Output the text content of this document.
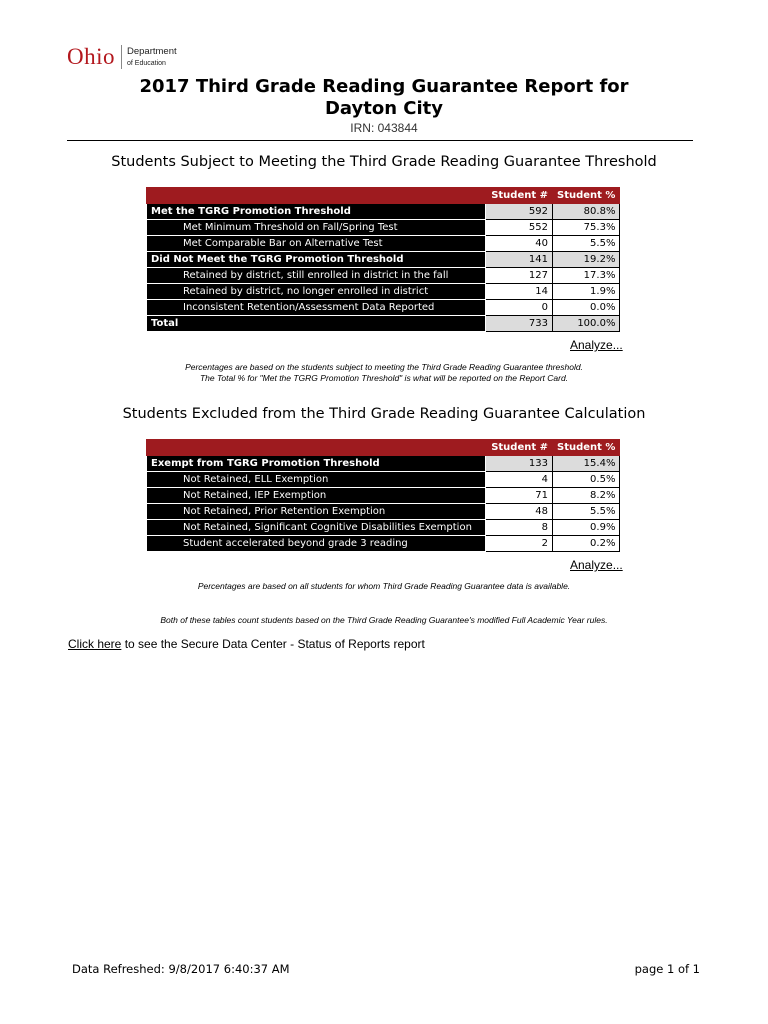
Ohio Department
of Education
2017 Third Grade Reading Guarantee Report for
Dayton City
IRN: 043844
Students Subject to Meeting the Third Grade Reading Guarantee Threshold
	Student #	Student %
Met the TGRG Promotion Threshold	592	80.8%
Met Minimum Threshold on Fall/Spring Test	552	75.3%
Met Comparable Bar on Alternative Test	40	5.5%
Did Not Meet the TGRG Promotion Threshold	141	19.2%
Retained by district, still enrolled in district in the fall	127	17.3%
Retained by district, no longer enrolled in district	14	1.9%
Inconsistent Retention/Assessment Data Reported	0	0.0%
Total	733	100.0%
Analyze...
Percentages are based on the students subject to meeting the Third Grade Reading Guarantee threshold.
The Total % for "Met the TGRG Promotion Threshold" is what will be reported on the Report Card.
Students Excluded from the Third Grade Reading Guarantee Calculation
	Student #	Student %
Exempt from TGRG Promotion Threshold	133	15.4%
Not Retained, ELL Exemption	4	0.5%
Not Retained, IEP Exemption	71	8.2%
Not Retained, Prior Retention Exemption	48	5.5%
Not Retained, Significant Cognitive Disabilities Exemption	8	0.9%
Student accelerated beyond grade 3 reading	2	0.2%
Analyze...
Percentages are based on all students for whom Third Grade Reading Guarantee data is available.
Both of these tables count students based on the Third Grade Reading Guarantee's modified Full Academic Year rules.
Click here to see the Secure Data Center - Status of Reports report
Data Refreshed: 9/8/2017 6:40:37 AM	page 1 of 1
